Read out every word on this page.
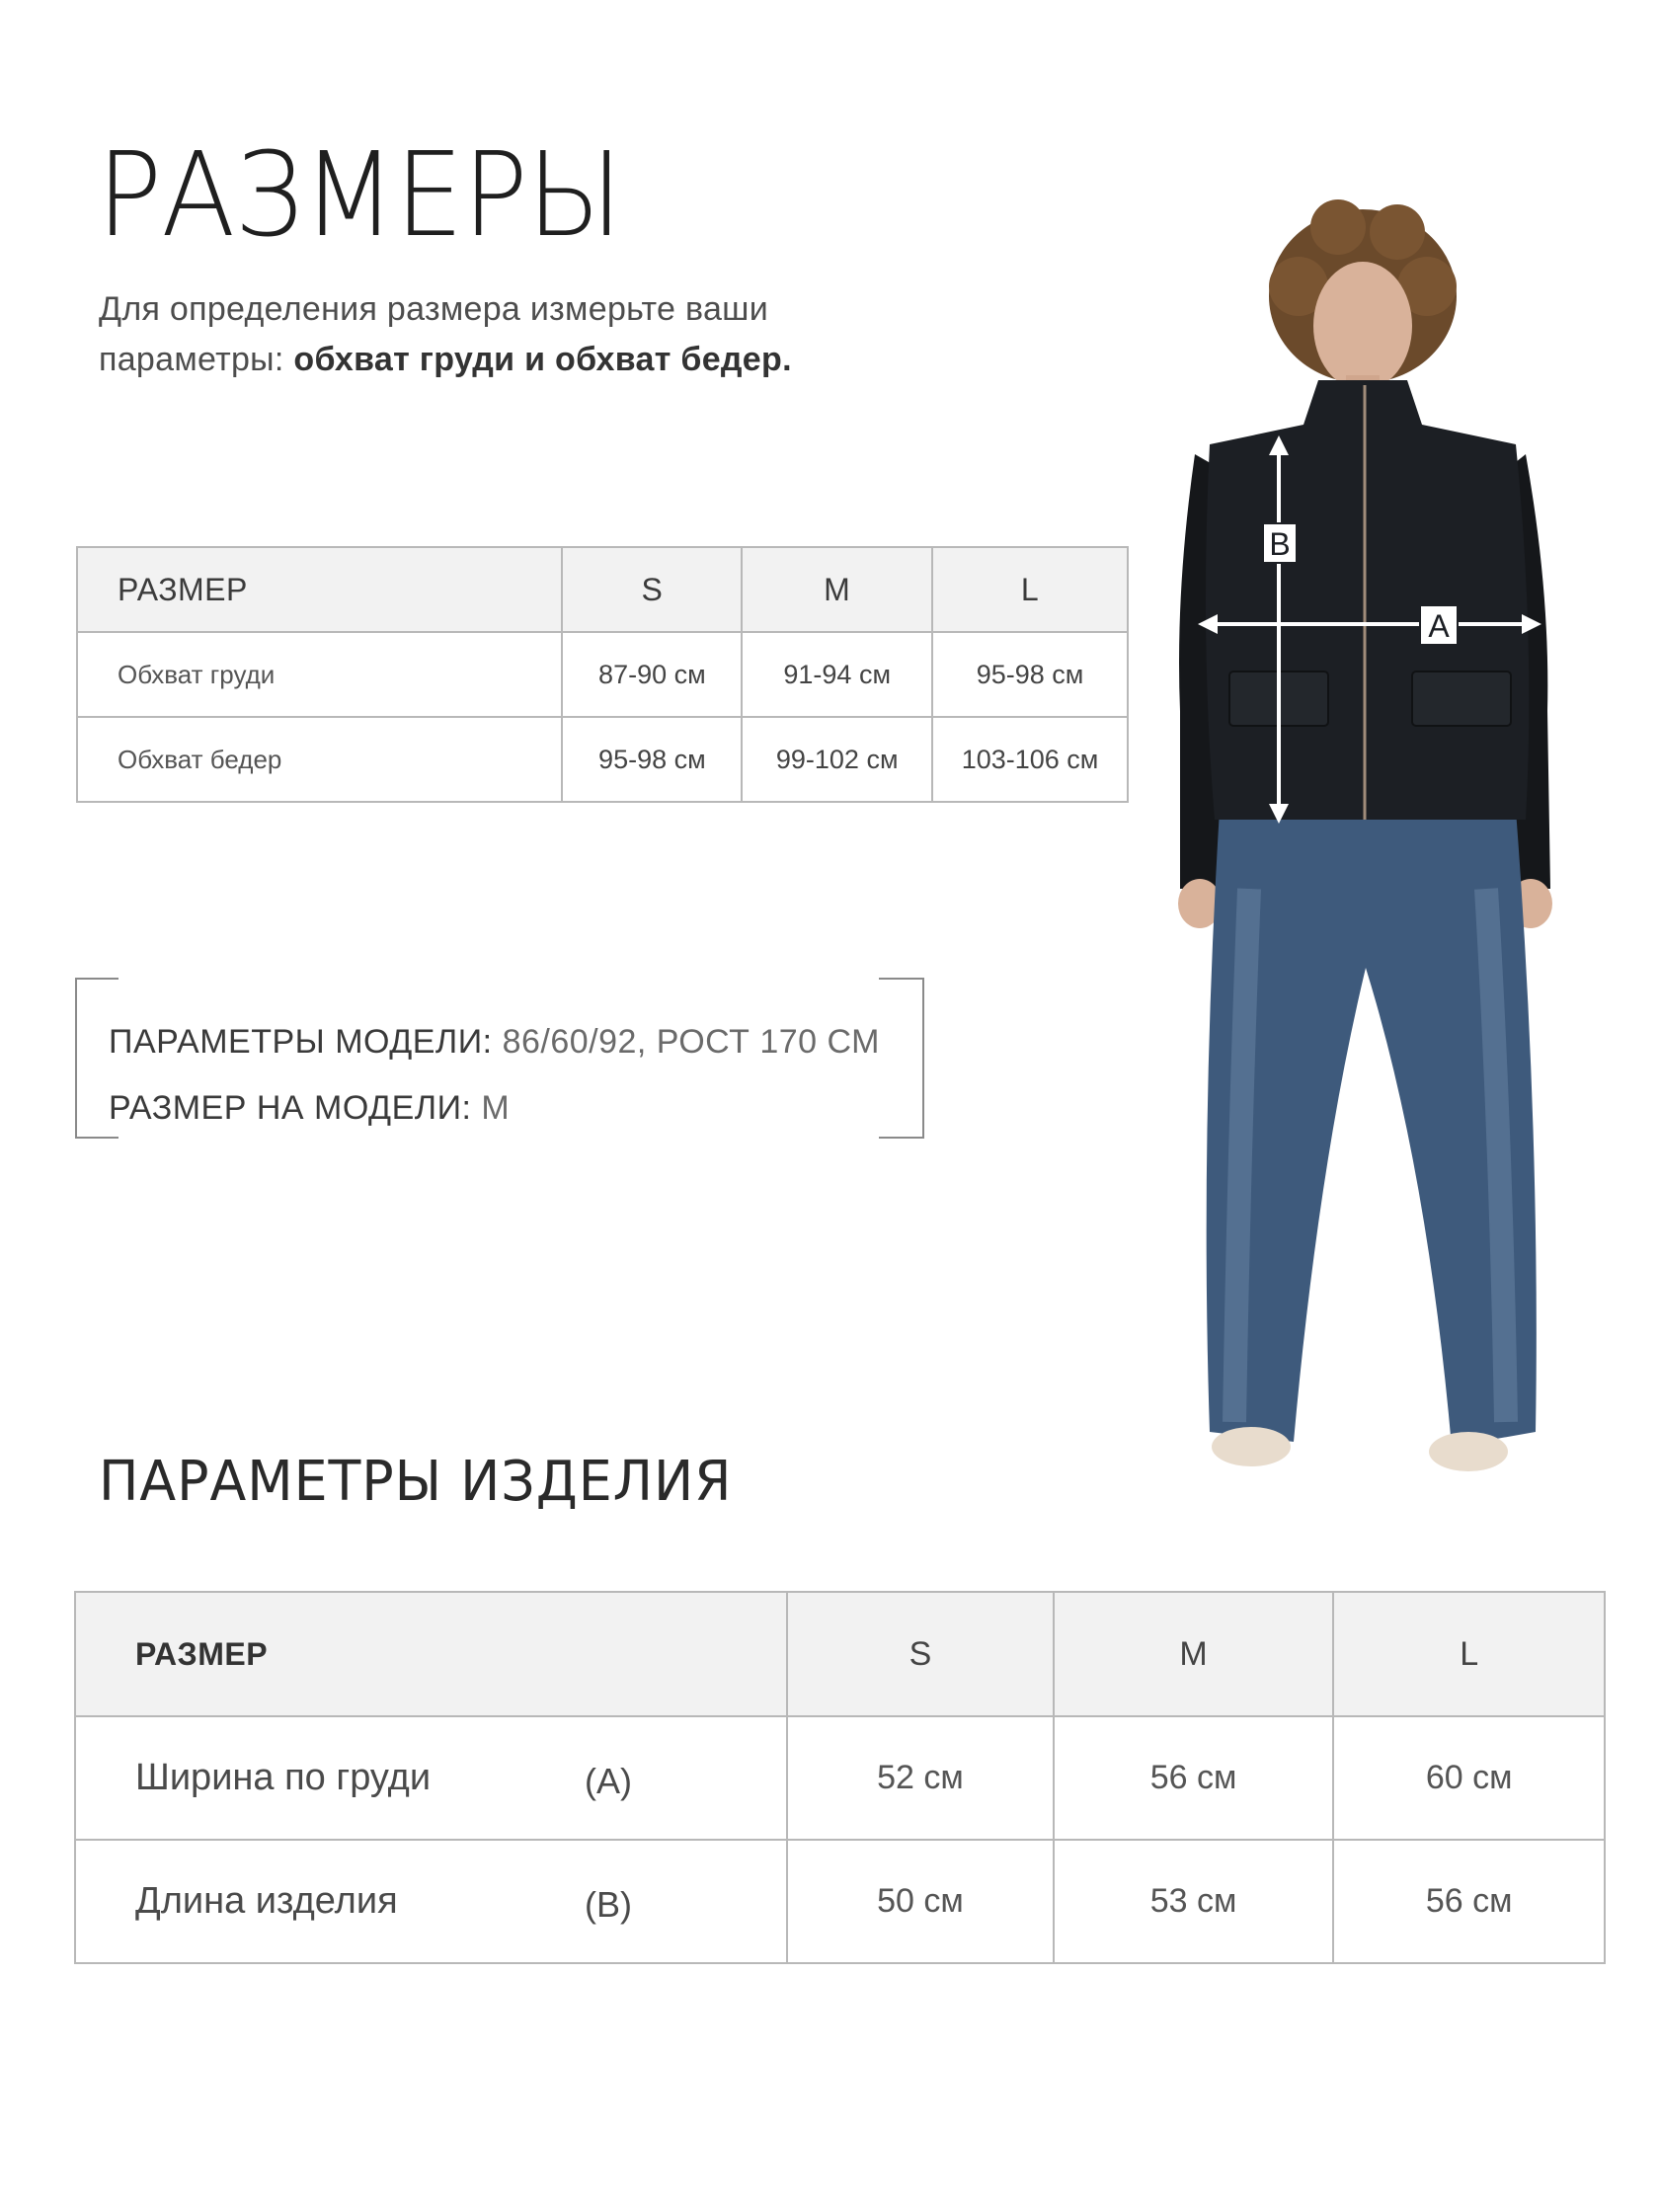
РАЗМЕРЫ
Для определения размера измерьте ваши
параметры: обхват груди и обхват бедер.
РАЗМЕР	S	M	L
Обхват груди	87-90 см	91-94 см	95-98 см
Обхват бедер	95-98 см	99-102 см	103-106 см
ПАРАМЕТРЫ МОДЕЛИ: 86/60/92, РОСТ 170 СМ
РАЗМЕР НА МОДЕЛИ: M
ПАРАМЕТРЫ ИЗДЕЛИЯ
РАЗМЕР	S	M	L
Ширина по груди (A)	52 см	56 см	60 см
Длина изделия (B)	50 см	53 см	56 см
B
A
